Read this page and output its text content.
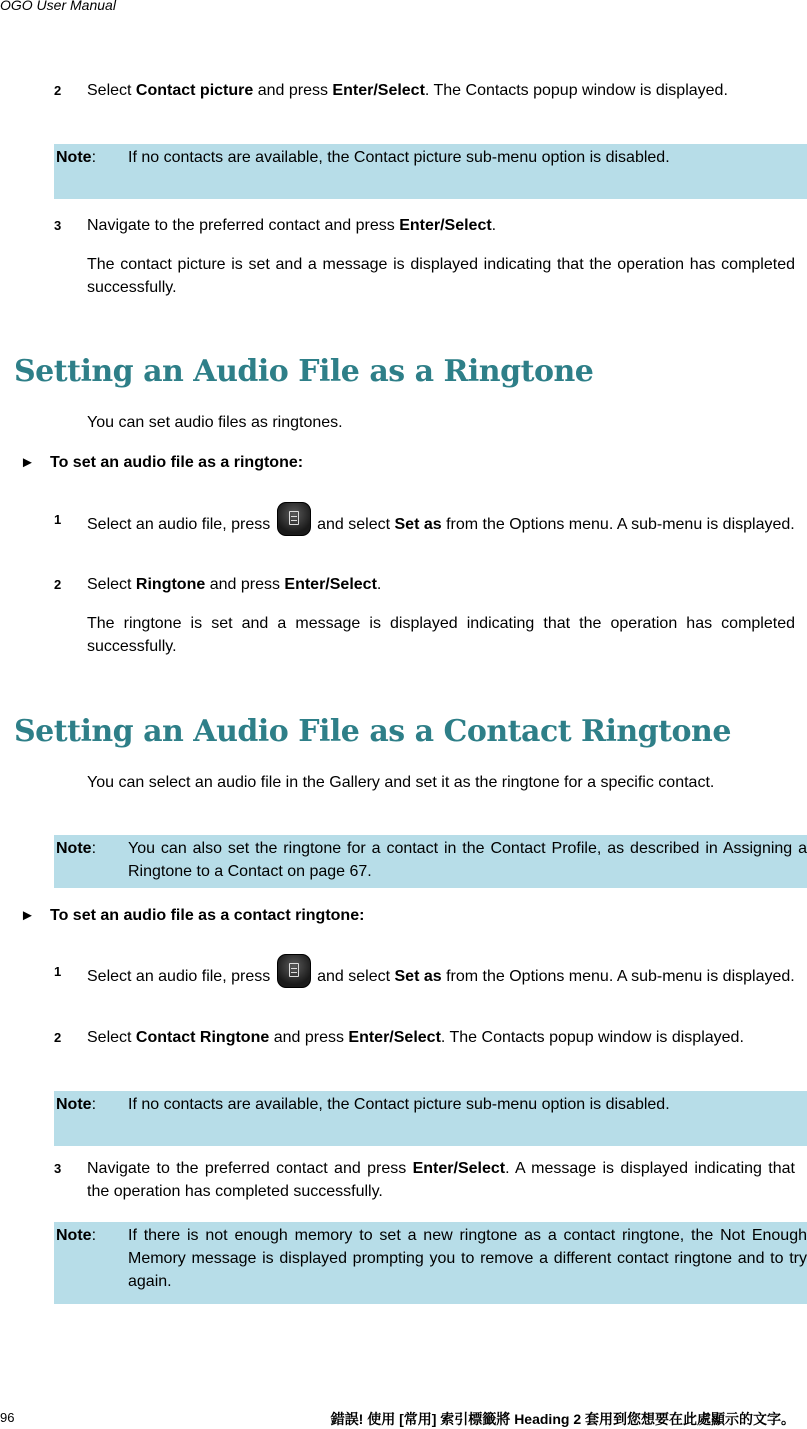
OGO User Manual
2 Select Contact picture and press Enter/Select. The Contacts popup window is displayed.
Note: If no contacts are available, the Contact picture sub-menu option is disabled.
3 Navigate to the preferred contact and press Enter/Select.
The contact picture is set and a message is displayed indicating that the operation has completed successfully.
Setting an Audio File as a Ringtone
You can set audio files as ringtones.
► To set an audio file as a ringtone:
1 Select an audio file, press  and select Set as from the Options menu. A sub-menu is displayed.
2 Select Ringtone and press Enter/Select.
The ringtone is set and a message is displayed indicating that the operation has completed successfully.
Setting an Audio File as a Contact Ringtone
You can select an audio file in the Gallery and set it as the ringtone for a specific contact.
Note: You can also set the ringtone for a contact in the Contact Profile, as described in Assigning a Ringtone to a Contact on page 67.
► To set an audio file as a contact ringtone:
1 Select an audio file, press  and select Set as from the Options menu. A sub-menu is displayed.
2 Select Contact Ringtone and press Enter/Select. The Contacts popup window is displayed.
Note: If no contacts are available, the Contact picture sub-menu option is disabled.
3 Navigate to the preferred contact and press Enter/Select. A message is displayed indicating that the operation has completed successfully.
Note: If there is not enough memory to set a new ringtone as a contact ringtone, the Not Enough Memory message is displayed prompting you to remove a different contact ringtone and to try again.
96	錯誤! 使用 [常用] 索引標籤將 Heading 2 套用到您想要在此處顯示的文字。
